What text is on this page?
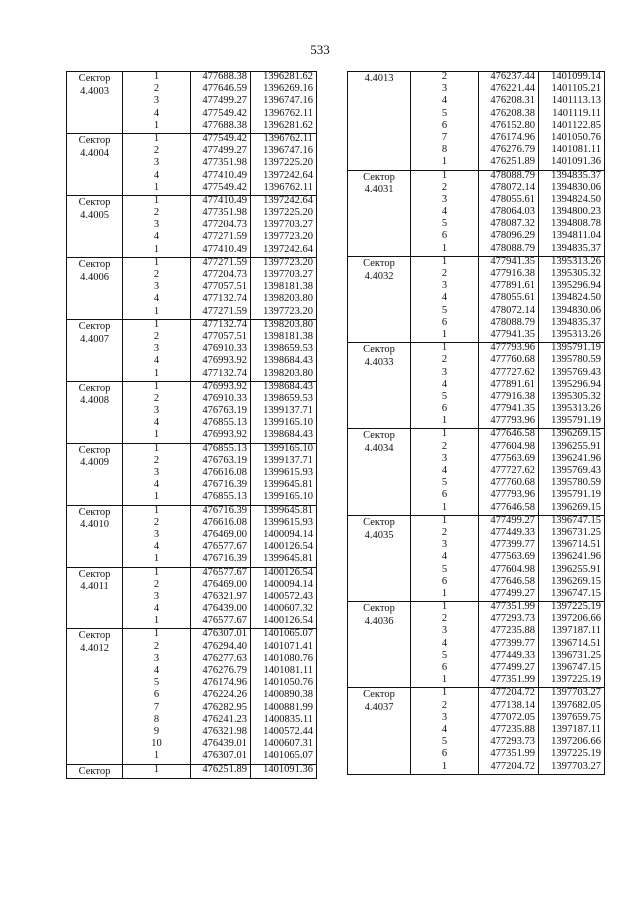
533
Сектор
4.4003	1	477688.38	1396281.62
	2	477646.59	1396269.16
	3	477499.27	1396747.16
	4	477549.42	1396762.11
	1	477688.38	1396281.62
Сектор
4.4004	1	477549.42	1396762.11
	2	477499.27	1396747.16
	3	477351.98	1397225.20
	4	477410.49	1397242.64
	1	477549.42	1396762.11
Сектор
4.4005	1	477410.49	1397242.64
	2	477351.98	1397225.20
	3	477204.73	1397703.27
	4	477271.59	1397723.20
	1	477410.49	1397242.64
Сектор
4.4006	1	477271.59	1397723.20
	2	477204.73	1397703.27
	3	477057.51	1398181.38
	4	477132.74	1398203.80
	1	477271.59	1397723.20
Сектор
4.4007	1	477132.74	1398203.80
	2	477057.51	1398181.38
	3	476910.33	1398659.53
	4	476993.92	1398684.43
	1	477132.74	1398203.80
Сектор
4.4008	1	476993.92	1398684.43
	2	476910.33	1398659.53
	3	476763.19	1399137.71
	4	476855.13	1399165.10
	1	476993.92	1398684.43
Сектор
4.4009	1	476855.13	1399165.10
	2	476763.19	1399137.71
	3	476616.08	1399615.93
	4	476716.39	1399645.81
	1	476855.13	1399165.10
Сектор
4.4010	1	476716.39	1399645.81
	2	476616.08	1399615.93
	3	476469.00	1400094.14
	4	476577.67	1400126.54
	1	476716.39	1399645.81
Сектор
4.4011	1	476577.67	1400126.54
	2	476469.00	1400094.14
	3	476321.97	1400572.43
	4	476439.00	1400607.32
	1	476577.67	1400126.54
Сектор
4.4012	1	476307.01	1401065.07
	2	476294.40	1401071.41
	3	476277.63	1401080.76
	4	476276.79	1401081.11
	5	476174.96	1401050.76
	6	476224.26	1400890.38
	7	476282.95	1400881.99
	8	476241.23	1400835.11
	9	476321.98	1400572.44
	10	476439.01	1400607.31
	1	476307.01	1401065.07
Сектор	1	476251.89	1401091.36
4.4013	2	476237.44	1401099.14
	3	476221.44	1401105.21
	4	476208.31	1401113.13
	5	476208.38	1401119.11
	6	476152.80	1401122.85
	7	476174.96	1401050.76
	8	476276.79	1401081.11
	1	476251.89	1401091.36
Сектор
4.4031	1	478088.79	1394835.37
	2	478072.14	1394830.06
	3	478055.61	1394824.50
	4	478064.03	1394800.23
	5	478087.32	1394808.78
	6	478096.29	1394811.04
	1	478088.79	1394835.37
Сектор
4.4032	1	477941.35	1395313.26
	2	477916.38	1395305.32
	3	477891.61	1395296.94
	4	478055.61	1394824.50
	5	478072.14	1394830.06
	6	478088.79	1394835.37
	1	477941.35	1395313.26
Сектор
4.4033	1	477793.96	1395791.19
	2	477760.68	1395780.59
	3	477727.62	1395769.43
	4	477891.61	1395296.94
	5	477916.38	1395305.32
	6	477941.35	1395313.26
	1	477793.96	1395791.19
Сектор
4.4034	1	477646.58	1396269.15
	2	477604.98	1396255.91
	3	477563.69	1396241.96
	4	477727.62	1395769.43
	5	477760.68	1395780.59
	6	477793.96	1395791.19
	1	477646.58	1396269.15
Сектор
4.4035	1	477499.27	1396747.15
	2	477449.33	1396731.25
	3	477399.77	1396714.51
	4	477563.69	1396241.96
	5	477604.98	1396255.91
	6	477646.58	1396269.15
	1	477499.27	1396747.15
Сектор
4.4036	1	477351.99	1397225.19
	2	477293.73	1397206.66
	3	477235.88	1397187.11
	4	477399.77	1396714.51
	5	477449.33	1396731.25
	6	477499.27	1396747.15
	1	477351.99	1397225.19
Сектор
4.4037	1	477204.72	1397703.27
	2	477138.14	1397682.05
	3	477072.05	1397659.75
	4	477235.88	1397187.11
	5	477293.73	1397206.66
	6	477351.99	1397225.19
	1	477204.72	1397703.27
